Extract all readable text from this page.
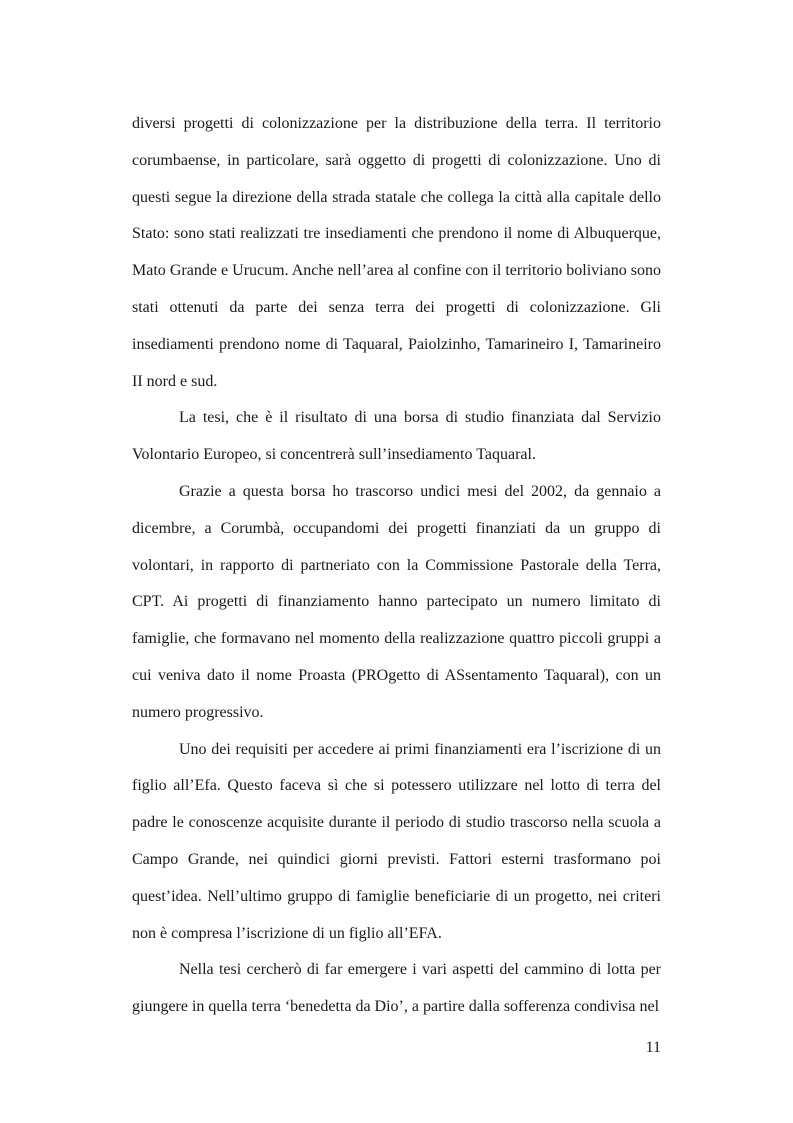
diversi progetti di colonizzazione per la distribuzione della terra. Il territorio corumbaense, in particolare, sarà oggetto di progetti di colonizzazione. Uno di questi segue la direzione della strada statale che collega la città alla capitale dello Stato: sono stati realizzati tre insediamenti che prendono il nome di Albuquerque, Mato Grande e Urucum. Anche nell’area al confine con il territorio boliviano sono stati ottenuti da parte dei senza terra dei progetti di colonizzazione. Gli insediamenti prendono nome di Taquaral, Paiolzinho, Tamarineiro I, Tamarineiro II nord e sud.

La tesi, che è il risultato di una borsa di studio finanziata dal Servizio Volontario Europeo, si concentrerà sull’insediamento Taquaral.

Grazie a questa borsa ho trascorso undici mesi del 2002, da gennaio a dicembre, a Corumbà, occupandomi dei progetti finanziati da un gruppo di volontari, in rapporto di partneriato con la Commissione Pastorale della Terra, CPT. Ai progetti di finanziamento hanno partecipato un numero limitato di famiglie, che formavano nel momento della realizzazione quattro piccoli gruppi a cui veniva dato il nome Proasta (PROgetto di ASsentamento Taquaral), con un numero progressivo.

Uno dei requisiti per accedere ai primi finanziamenti era l’iscrizione di un figlio all’Efa. Questo faceva sì che si potessero utilizzare nel lotto di terra del padre le conoscenze acquisite durante il periodo di studio trascorso nella scuola a Campo Grande, nei quindici giorni previsti. Fattori esterni trasformano poi quest’idea. Nell’ultimo gruppo di famiglie beneficiarie di un progetto, nei criteri non è compresa l’iscrizione di un figlio all’EFA.

Nella tesi cercherò di far emergere i vari aspetti del cammino di lotta per giungere in quella terra ‘benedetta da Dio’, a partire dalla sofferenza condivisa nel

11
